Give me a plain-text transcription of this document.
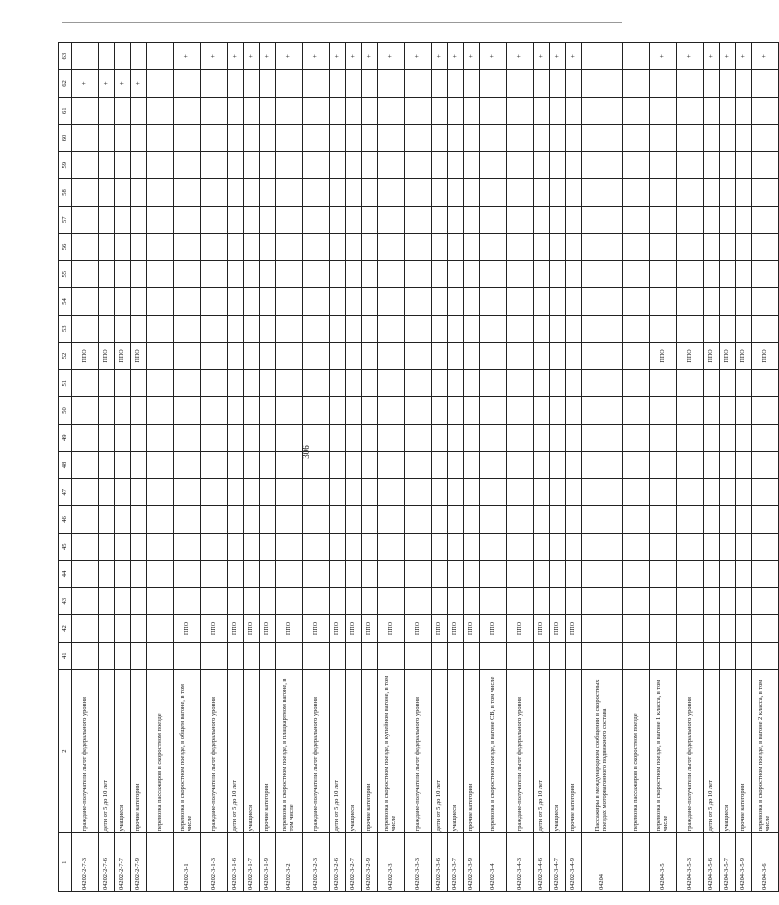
306
1	2	41	42	43	44	45	46	47	48	49	50	51	52	53	54	55	56	57	58	59	60	61	62	63
04202-2-7-3	гражданe-получатели льгот федерального уровня												ППО										+	
04202-2-7-6	дети от 5 до 10 лет												ППО										+	
04202-2-7-7	учащиеся												ППО										+	
04202-2-7-9	прочие категории												ППО										+	
	перевозка пассажиров в скоростном поезде																							
04202-3-1	перевозка в скоростном поезде, в общем вагоне, в том числе		ППО																					+
04202-3-1-3	гражданe-получатели льгот федерального уровня		ППО																					+
04202-3-1-6	дети от 5 до 10 лет		ППО																					+
04202-3-1-7	учащиеся		ППО																					+
04202-3-1-9	прочие категории		ППО																					+
04202-3-2	перевозка в скоростном поезде, в плацкартном вагоне, в том числе		ППО																					+
04202-3-2-3	гражданe-получатели льгот федерального уровня		ППО																					+
04202-3-2-6	дети от 5 до 10 лет		ППО																					+
04202-3-2-7	учащиеся		ППО																					+
04202-3-2-9	прочие категории		ППО																					+
04202-3-3	перевозка в скоростном поезде, в купейном вагоне, в том числе		ППО																					+
04202-3-3-3	гражданe-получатели льгот федерального уровня		ППО																					+
04202-3-3-6	дети от 5 до 10 лет		ППО																					+
04202-3-3-7	учащиеся		ППО																					+
04202-3-3-9	прочие категории		ППО																					+
04202-3-4	перевозка в скоростном поезде, в вагоне СВ, в том числе		ППО																					+
04202-3-4-3	гражданe-получатели льгот федерального уровня		ППО																					+
04202-3-4-6	дети от 5 до 10 лет		ППО																					+
04202-3-4-7	учащиеся		ППО																					+
04202-3-4-9	прочие категории		ППО																					+
04204	Пассажиры в международном сообщении в скоростных поездах моторвагонного подвижного состава																							
	перевозка пассажиров в скоростном поезде																							
04204-3-5	перевозка в скоростном поезде, в вагоне 1 класса, в том числе												ППО											+
04204-3-5-3	гражданe-получатели льгот федерального уровня												ППО											+
04204-3-5-6	дети от 5 до 10 лет												ППО											+
04204-3-5-7	учащиеся												ППО											+
04204-3-5-9	прочие категории												ППО											+
04204-3-6	перевозка в скоростном поезде, в вагоне 2 класса, в том числе												ППО											+
